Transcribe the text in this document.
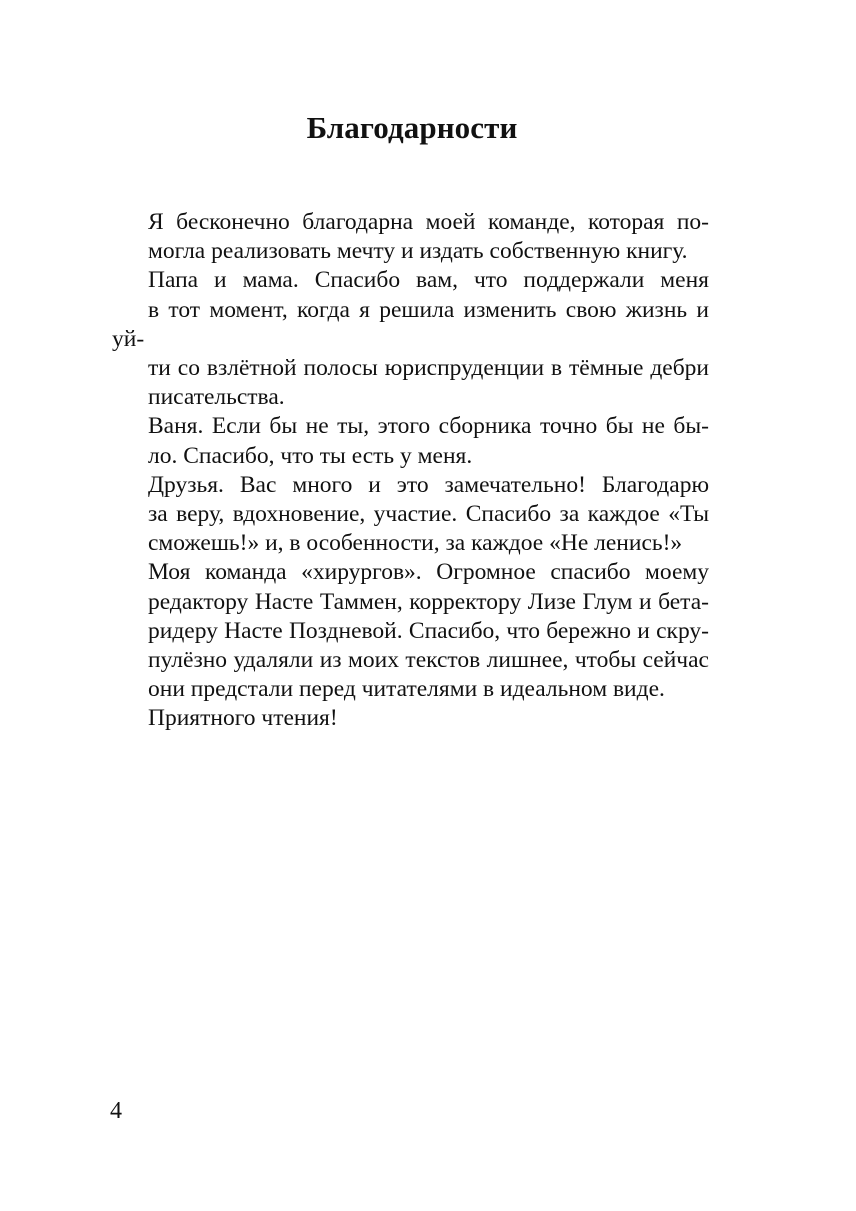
Благодарности

Я бесконечно благодарна моей команде, которая по-
могла реализовать мечту и издать собственную книгу.

Папа и мама. Спасибо вам, что поддержали меня
в тот момент, когда я решила изменить свою жизнь и уй-
ти со взлётной полосы юриспруденции в тёмные дебри
писательства.

Ваня. Если бы не ты, этого сборника точно бы не бы-
ло. Спасибо, что ты есть у меня.

Друзья. Вас много и это замечательно! Благодарю
за веру, вдохновение, участие. Спасибо за каждое «Ты
сможешь!» и, в особенности, за каждое «Не ленись!»

Моя команда «хирургов». Огромное спасибо моему
редактору Насте Таммен, корректору Лизе Глум и бета-
ридеру Насте Поздневой. Спасибо, что бережно и скру-
пулёзно удаляли из моих текстов лишнее, чтобы сейчас
они предстали перед читателями в идеальном виде.

Приятного чтения!

4
